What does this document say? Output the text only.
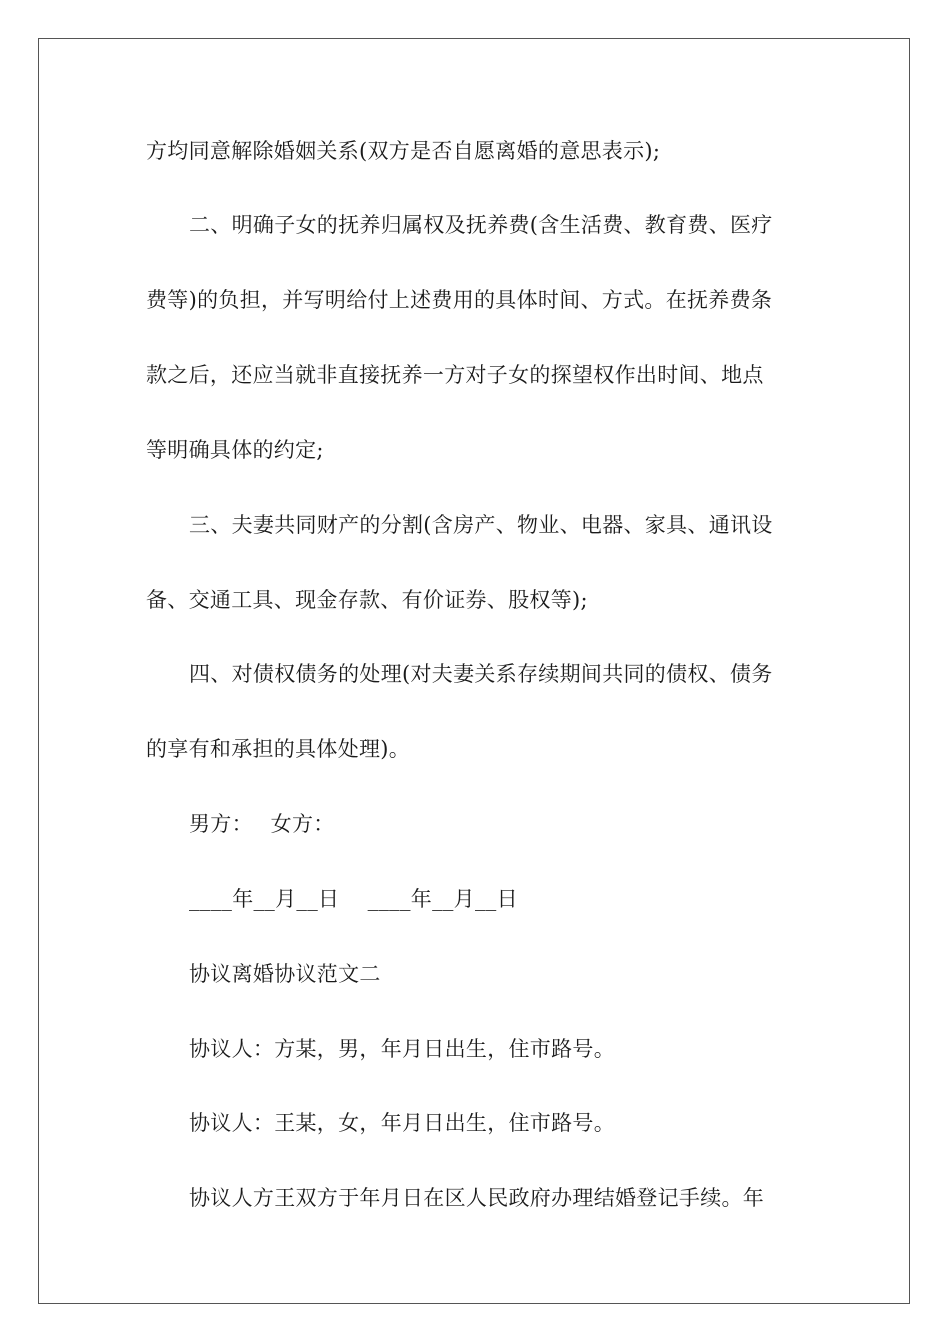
方均同意解除婚姻关系(双方是否自愿离婚的意思表示);
二、明确子女的抚养归属权及抚养费(含生活费、教育费、医疗
费等)的负担，并写明给付上述费用的具体时间、方式。在抚养费条
款之后，还应当就非直接抚养一方对子女的探望权作出时间、地点
等明确具体的约定;
三、夫妻共同财产的分割(含房产、物业、电器、家具、通讯设
备、交通工具、现金存款、有价证券、股权等);
四、对债权债务的处理(对夫妻关系存续期间共同的债权、债务
的享有和承担的具体处理)。
男方：　 女方：
____年__月__日　 ____年__月__日
协议离婚协议范文二
协议人：方某，男，年月日出生，住市路号。
协议人：王某，女，年月日出生，住市路号。
协议人方王双方于年月日在区人民政府办理结婚登记手续。年
